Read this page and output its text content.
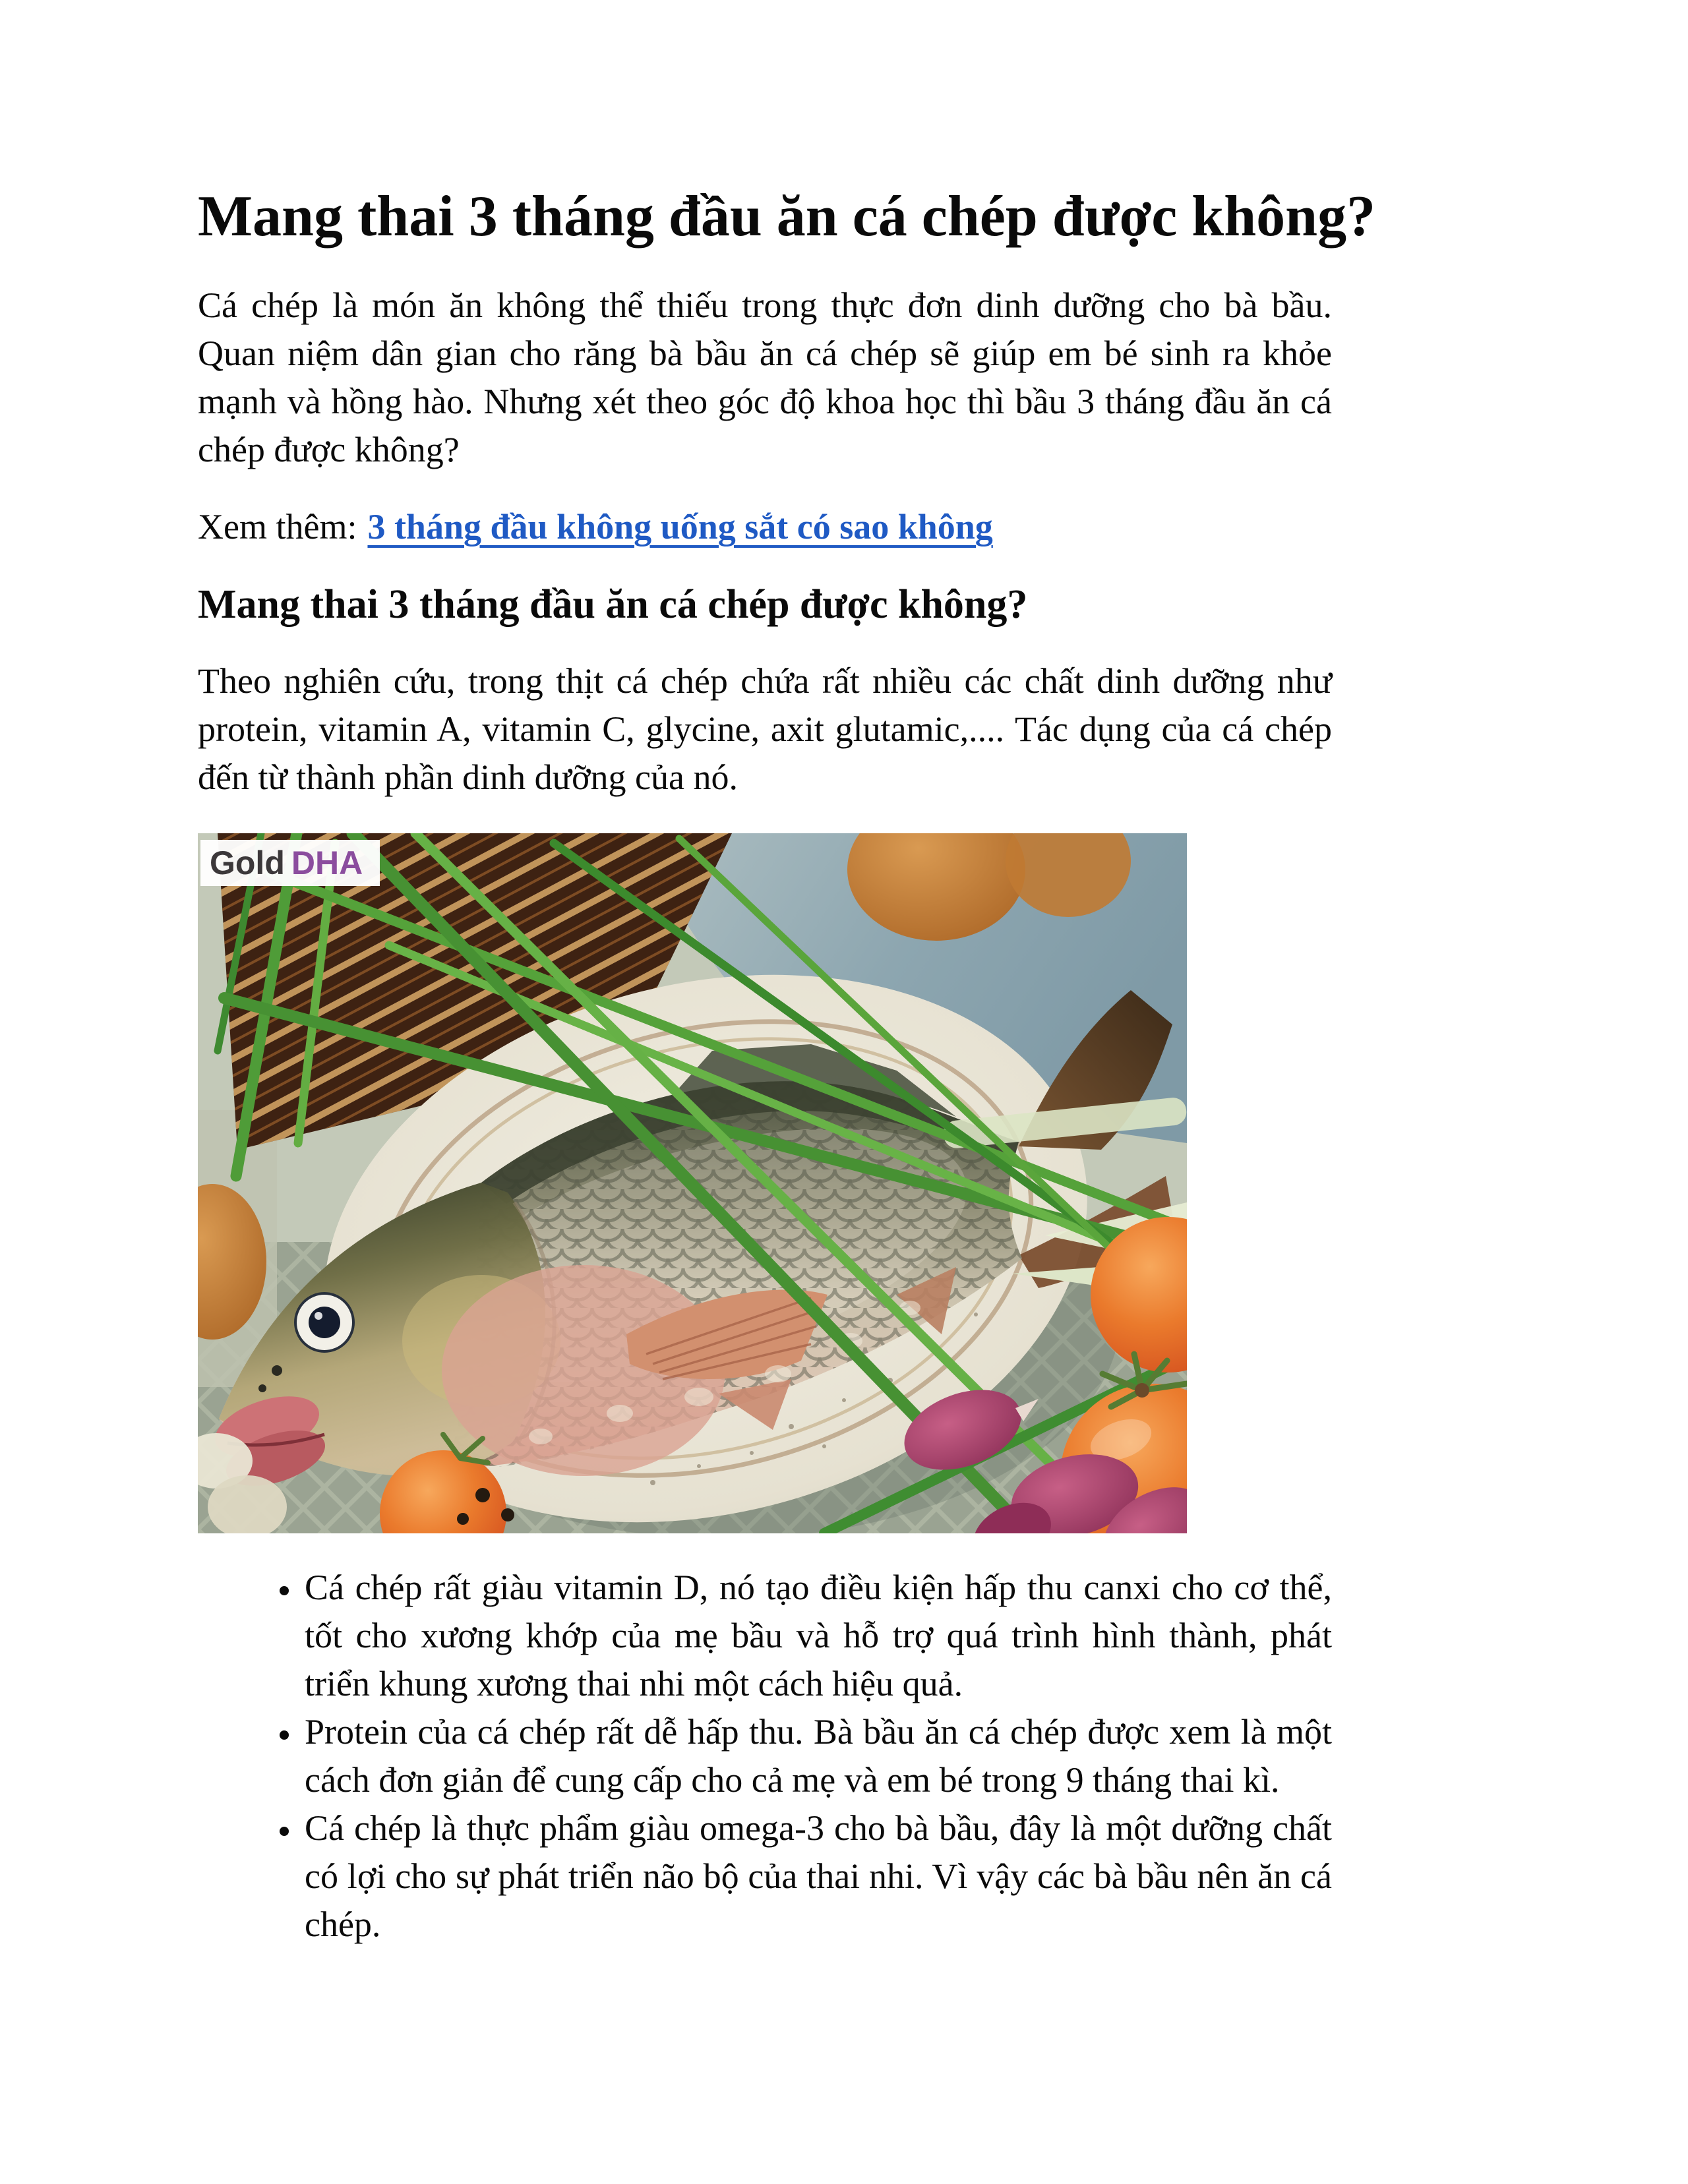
Mang thai 3 tháng đầu ăn cá chép được không?

Cá chép là món ăn không thể thiếu trong thực đơn dinh dưỡng cho bà bầu. Quan niệm dân gian cho răng bà bầu ăn cá chép sẽ giúp em bé sinh ra khỏe mạnh và hồng hào. Nhưng xét theo góc độ khoa học thì bầu 3 tháng đầu ăn cá chép được không?

Xem thêm: 3 tháng đầu không uống sắt có sao không

Mang thai 3 tháng đầu ăn cá chép được không?

Theo nghiên cứu, trong thịt cá chép chứa rất nhiều các chất dinh dưỡng như protein, vitamin A, vitamin C, glycine, axit glutamic,.... Tác dụng của cá chép đến từ thành phần dinh dưỡng của nó.

Gold DHA
• Cá chép rất giàu vitamin D, nó tạo điều kiện hấp thu canxi cho cơ thể, tốt cho xương khớp của mẹ bầu và hỗ trợ quá trình hình thành, phát triển khung xương thai nhi một cách hiệu quả.
• Protein của cá chép rất dễ hấp thu. Bà bầu ăn cá chép được xem là một cách đơn giản để cung cấp cho cả mẹ và em bé trong 9 tháng thai kì.
• Cá chép là thực phẩm giàu omega-3 cho bà bầu, đây là một dưỡng chất có lợi cho sự phát triển não bộ của thai nhi. Vì vậy các bà bầu nên ăn cá chép.
